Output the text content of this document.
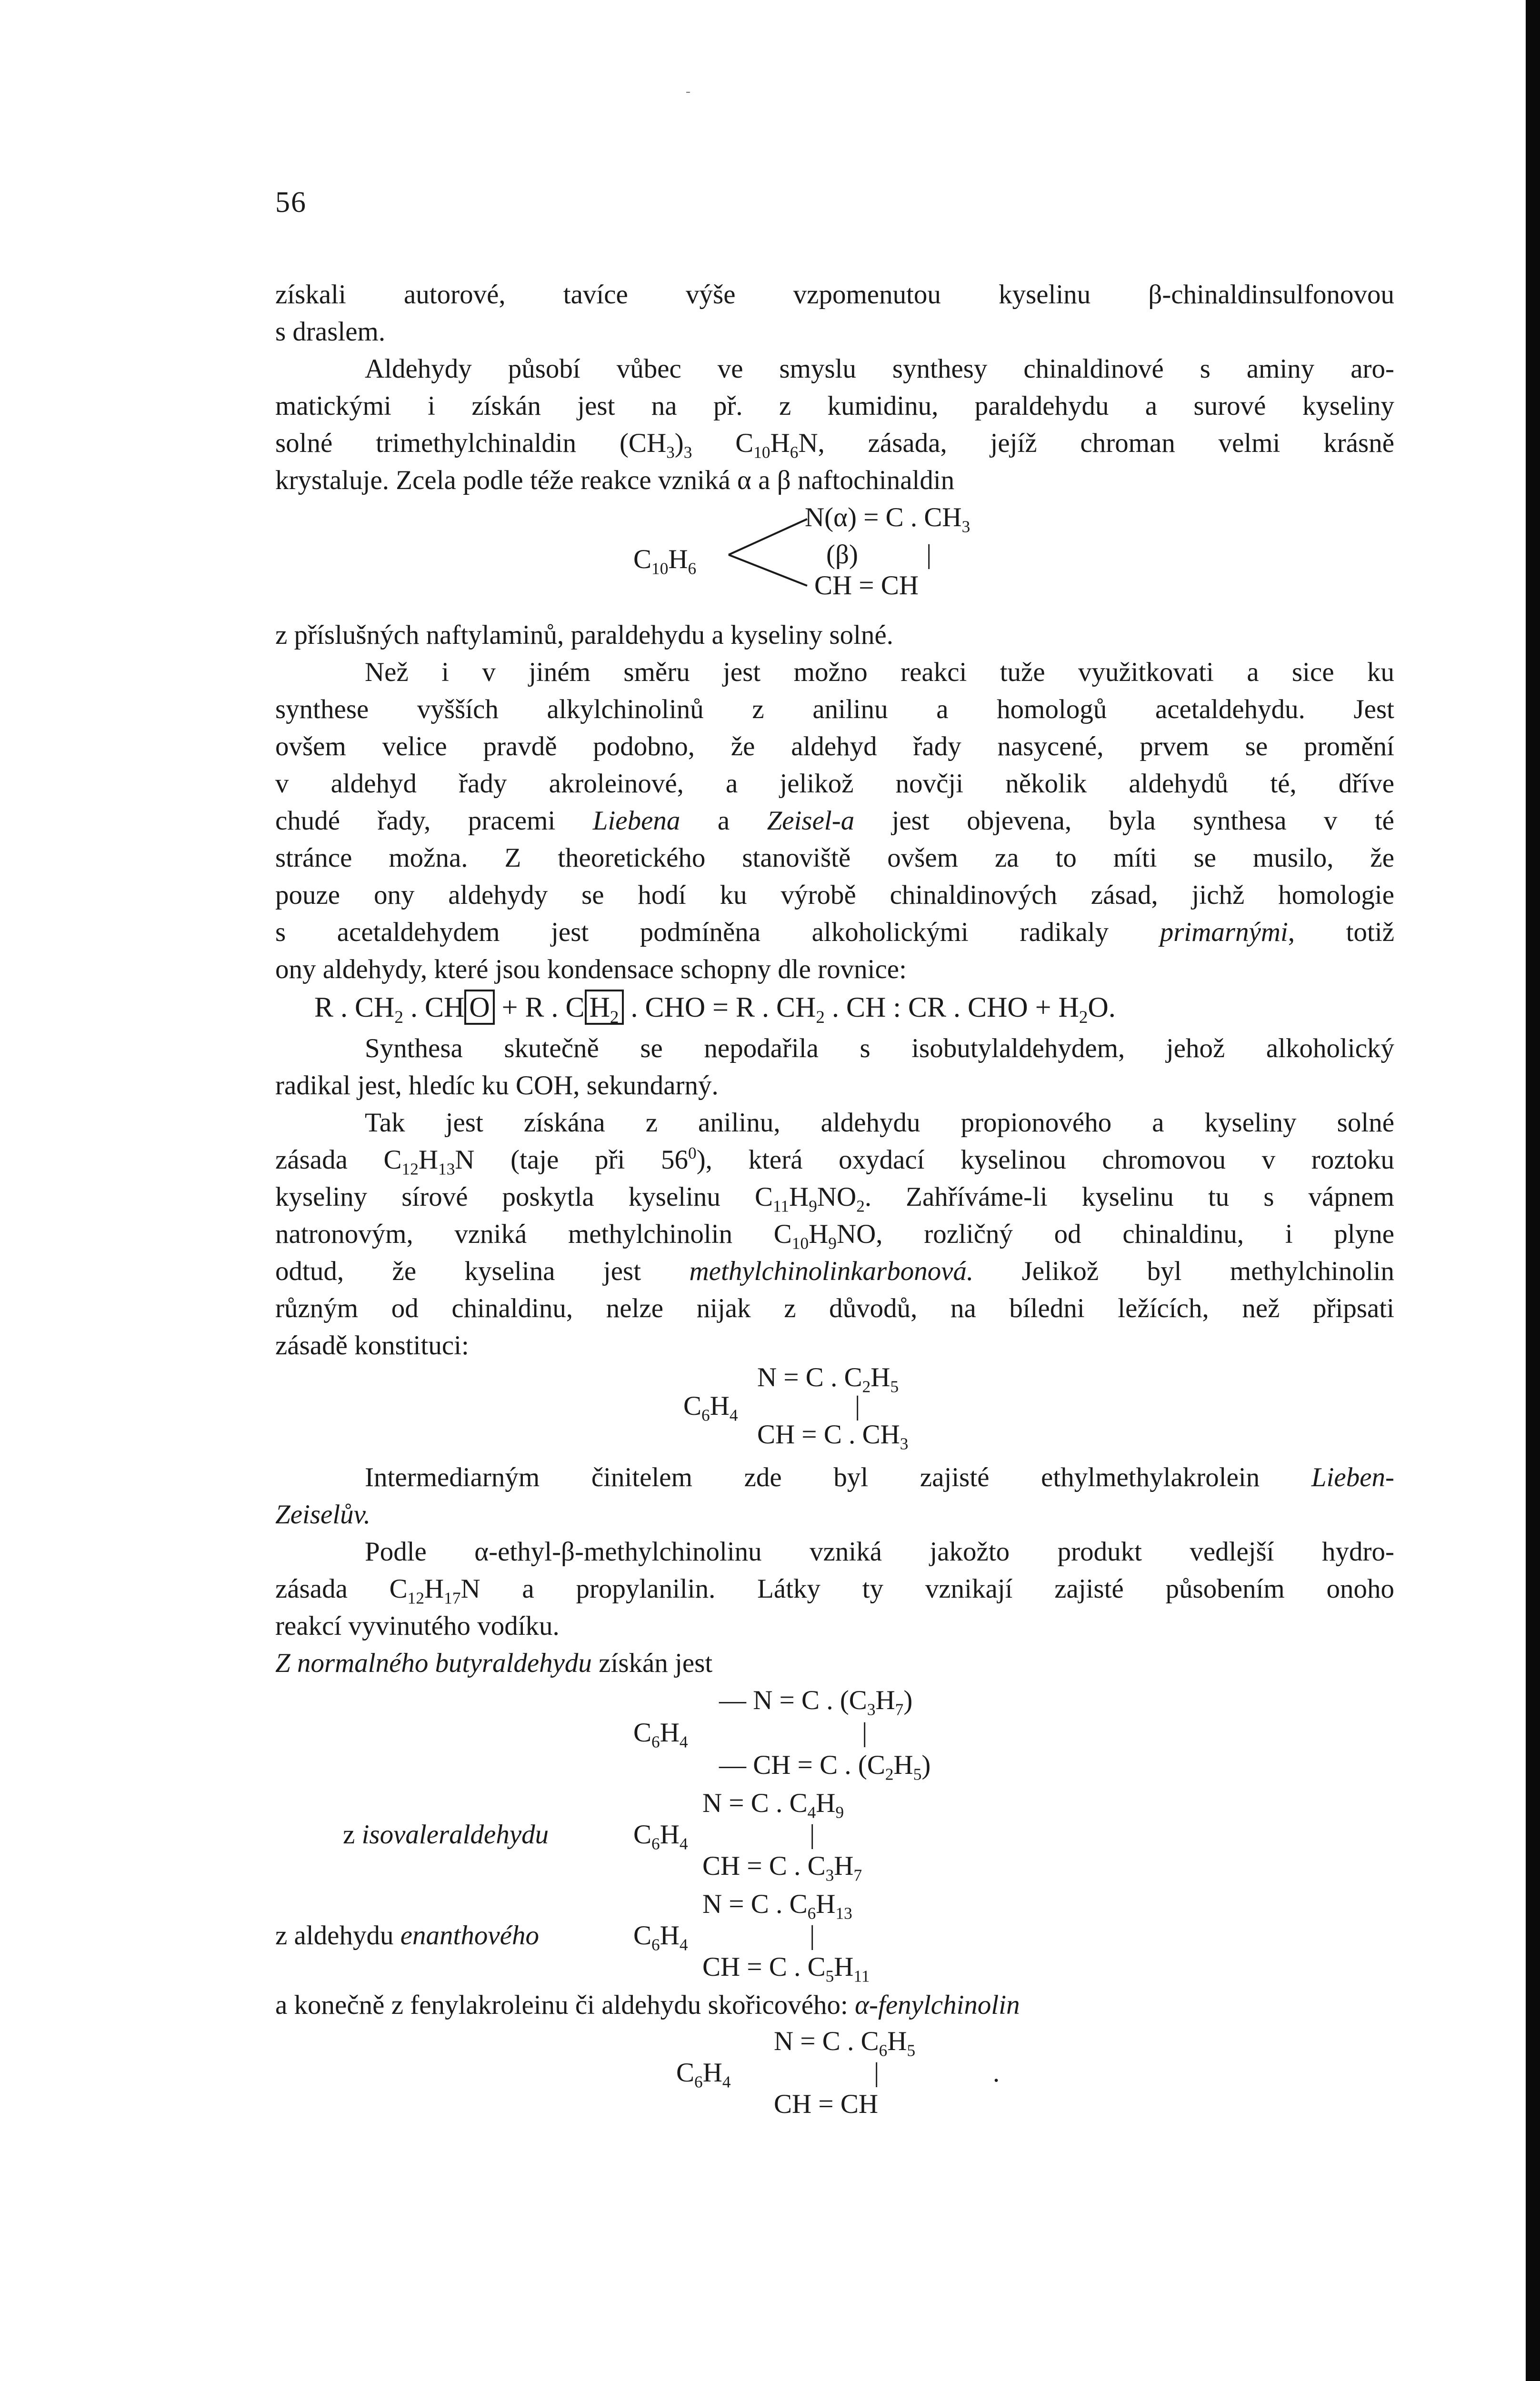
-
56
získali autorové, tavíce výše vzpomenutou kyselinu β-chinaldinsulfonovou
s draslem.
Aldehydy působí vůbec ve smyslu synthesy chinaldinové s aminy aro-
matickými i získán jest na př. z kumidinu, paraldehydu a surové kyseliny
solné trimethylchinaldin $(CH_3)_3$ $C_{10}H_6N$, zásada, jejíž chroman velmi krásně
krystaluje. Zcela podle téže reakce vzniká α a β naftochinaldin
$C_{10}H_6$
N(α) = C . $CH_3$
(β)	|
CH = CH
z příslušných naftylaminů, paraldehydu a kyseliny solné.
Než i v jiném směru jest možno reakci tuže využitkovati a sice ku
synthese vyšších alkylchinolinů z anilinu a homologů acetaldehydu. Jest
ovšem velice pravdě podobno, že aldehyd řady nasycené, prvem se promění
v aldehyd řady akroleinové, a jelikož novčji několik aldehydů té, dříve
chudé řady, pracemi Liebena a Zeisel-a jest objevena, byla synthesa v té
stránce možna. Z theoretického stanoviště ovšem za to míti se musilo, že
pouze ony aldehydy se hodí ku výrobě chinaldinových zásad, jichž homologie
s acetaldehydem jest podmíněna alkoholickými radikaly primarnými, totiž
ony aldehydy, které jsou kondensace schopny dle rovnice:
R . $CH_2$ . CH O + R . C $H_2$ . CHO = R . $CH_2$ . CH : CR . CHO + $H_2O$.
Synthesa skutečně se nepodařila s isobutylaldehydem, jehož alkoholický
radikal jest, hledíc ku COH, sekundarný.
Tak jest získána z anilinu, aldehydu propionového a kyseliny solné
zásada $C_{12}H_{13}N$ (taje při $56^0$), která oxydací kyselinou chromovou v roztoku
kyseliny sírové poskytla kyselinu $C_{11}H_9NO_2$. Zahříváme-li kyselinu tu s vápnem
natronovým, vzniká methylchinolin $C_{10}H_9NO$, rozličný od chinaldinu, i plyne
odtud, že kyselina jest methylchinolinkarbonová. Jelikož byl methylchinolin
různým od chinaldinu, nelze nijak z důvodů, na bíledni ležících, než připsati
zásadě konstituci:
N = C . $C_2H_5$
$C_6H_4$	|
CH = C . $CH_3$
Intermediarným činitelem zde byl zajisté ethylmethylakrolein Lieben-
Zeiselův.
Podle α-ethyl-β-methylchinolinu vzniká jakožto produkt vedlejší hydro-
zásada $C_{12}H_{17}N$ a propylanilin. Látky ty vznikají zajisté působením onoho
reakcí vyvinutého vodíku.
Z normalného butyraldehydu získán jest
— N = C . $(C_3H_7)$
$C_6H_4$	|
— CH = C . $(C_2H_5)$
N = C . $C_4H_9$
z isovaleraldehydu	$C_6H_4$	|
CH = C . $C_3H_7$
N = C . $C_6H_{13}$
z aldehydu enanthového	$C_6H_4$	|
CH = C . $C_5H_{11}$
a konečně z fenylakroleinu či aldehydu skořicového: α-fenylchinolin
N = C . $C_6H_5$
$C_6H_4$	|	.
CH = CH
